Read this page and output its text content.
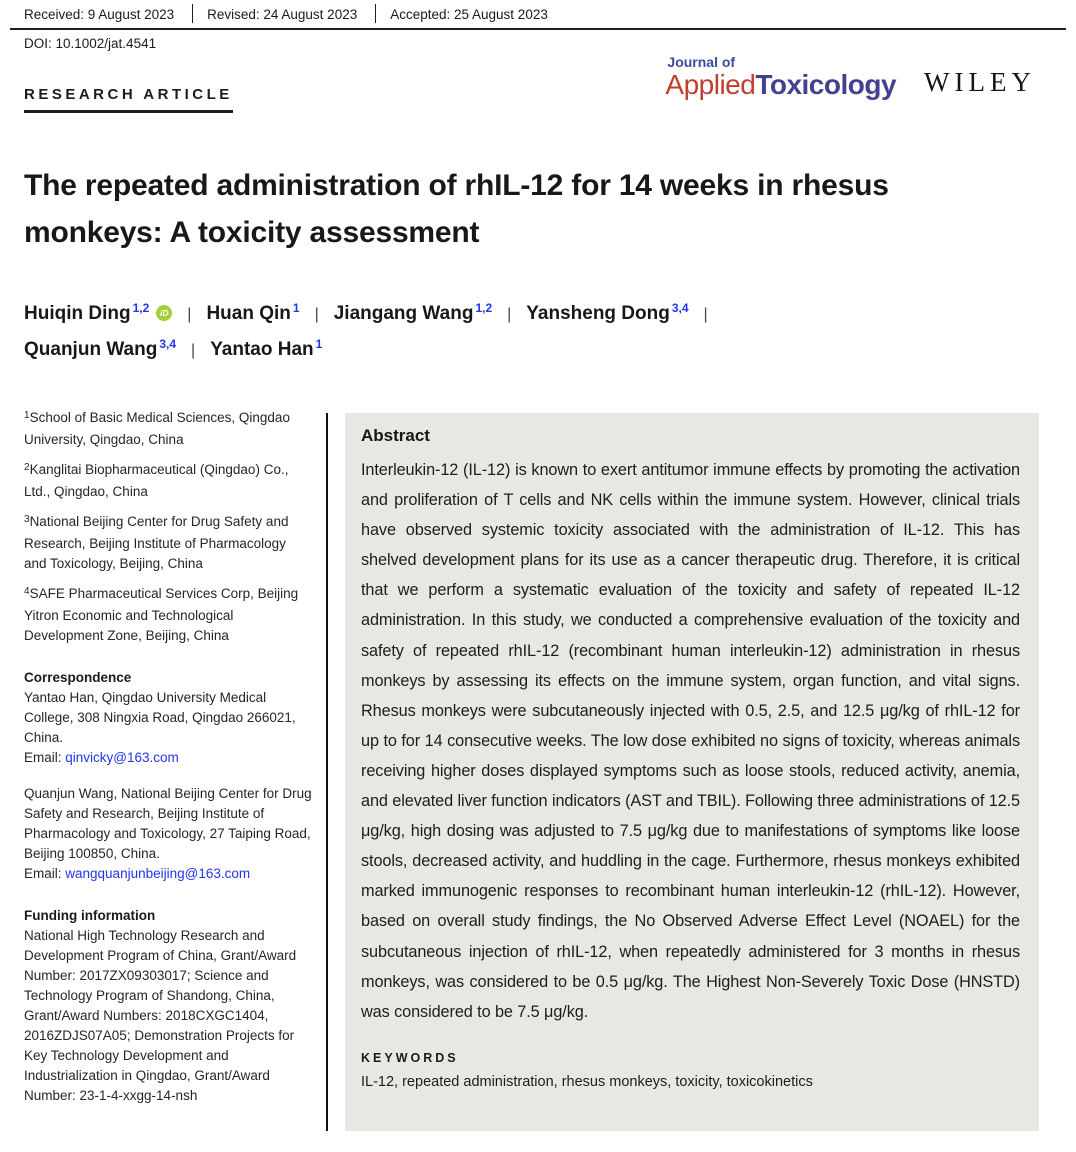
Received: 9 August 2023	Revised: 24 August 2023	Accepted: 25 August 2023
DOI: 10.1002/jat.4541
Journal of
AppliedToxicology WILEY
RESEARCH ARTICLE
The repeated administration of rhIL-12 for 14 weeks in rhesus monkeys: A toxicity assessment
Huiqin Ding 1,2	iD | Huan Qin 1 | Jiangang Wang 1,2 | Yansheng Dong 3,4 |
Quanjun Wang 3,4 | Yantao Han 1
$^1$School of Basic Medical Sciences, Qingdao University, Qingdao, China
$^2$Kanglitai Biopharmaceutical (Qingdao) Co., Ltd., Qingdao, China
$^3$National Beijing Center for Drug Safety and Research, Beijing Institute of Pharmacology and Toxicology, Beijing, China
$^4$SAFE Pharmaceutical Services Corp, Beijing Yitron Economic and Technological Development Zone, Beijing, China
Correspondence
Yantao Han, Qingdao University Medical College, 308 Ningxia Road, Qingdao 266021, China.
Email: qinvicky@163.com
Quanjun Wang, National Beijing Center for Drug Safety and Research, Beijing Institute of Pharmacology and Toxicology, 27 Taiping Road, Beijing 100850, China.
Email: wangquanjunbeijing@163.com
Funding information
National High Technology Research and Development Program of China, Grant/Award Number: 2017ZX09303017; Science and Technology Program of Shandong, China, Grant/Award Numbers: 2018CXGC1404, 2016ZDJS07A05; Demonstration Projects for Key Technology Development and Industrialization in Qingdao, Grant/Award Number: 23-1-4-xxgg-14-nsh
Abstract
Interleukin-12 (IL-12) is known to exert antitumor immune effects by promoting the activation and proliferation of T cells and NK cells within the immune system. However, clinical trials have observed systemic toxicity associated with the administration of IL-12. This has shelved development plans for its use as a cancer therapeutic drug. Therefore, it is critical that we perform a systematic evaluation of the toxicity and safety of repeated IL-12 administration. In this study, we conducted a comprehensive evaluation of the toxicity and safety of repeated rhIL-12 (recombinant human interleukin-12) administration in rhesus monkeys by assessing its effects on the immune system, organ function, and vital signs. Rhesus monkeys were subcutaneously injected with 0.5, 2.5, and 12.5 μg/kg of rhIL-12 for up to for 14 consecutive weeks. The low dose exhibited no signs of toxicity, whereas animals receiving higher doses displayed symptoms such as loose stools, reduced activity, anemia, and elevated liver function indicators (AST and TBIL). Following three administrations of 12.5 μg/kg, high dosing was adjusted to 7.5 μg/kg due to manifestations of symptoms like loose stools, decreased activity, and huddling in the cage. Furthermore, rhesus monkeys exhibited marked immunogenic responses to recombinant human interleukin-12 (rhIL-12). However, based on overall study findings, the No Observed Adverse Effect Level (NOAEL) for the subcutaneous injection of rhIL-12, when repeatedly administered for 3 months in rhesus monkeys, was considered to be 0.5 μg/kg. The Highest Non-Severely Toxic Dose (HNSTD) was considered to be 7.5 μg/kg.
KEYWORDS
IL-12, repeated administration, rhesus monkeys, toxicity, toxicokinetics
